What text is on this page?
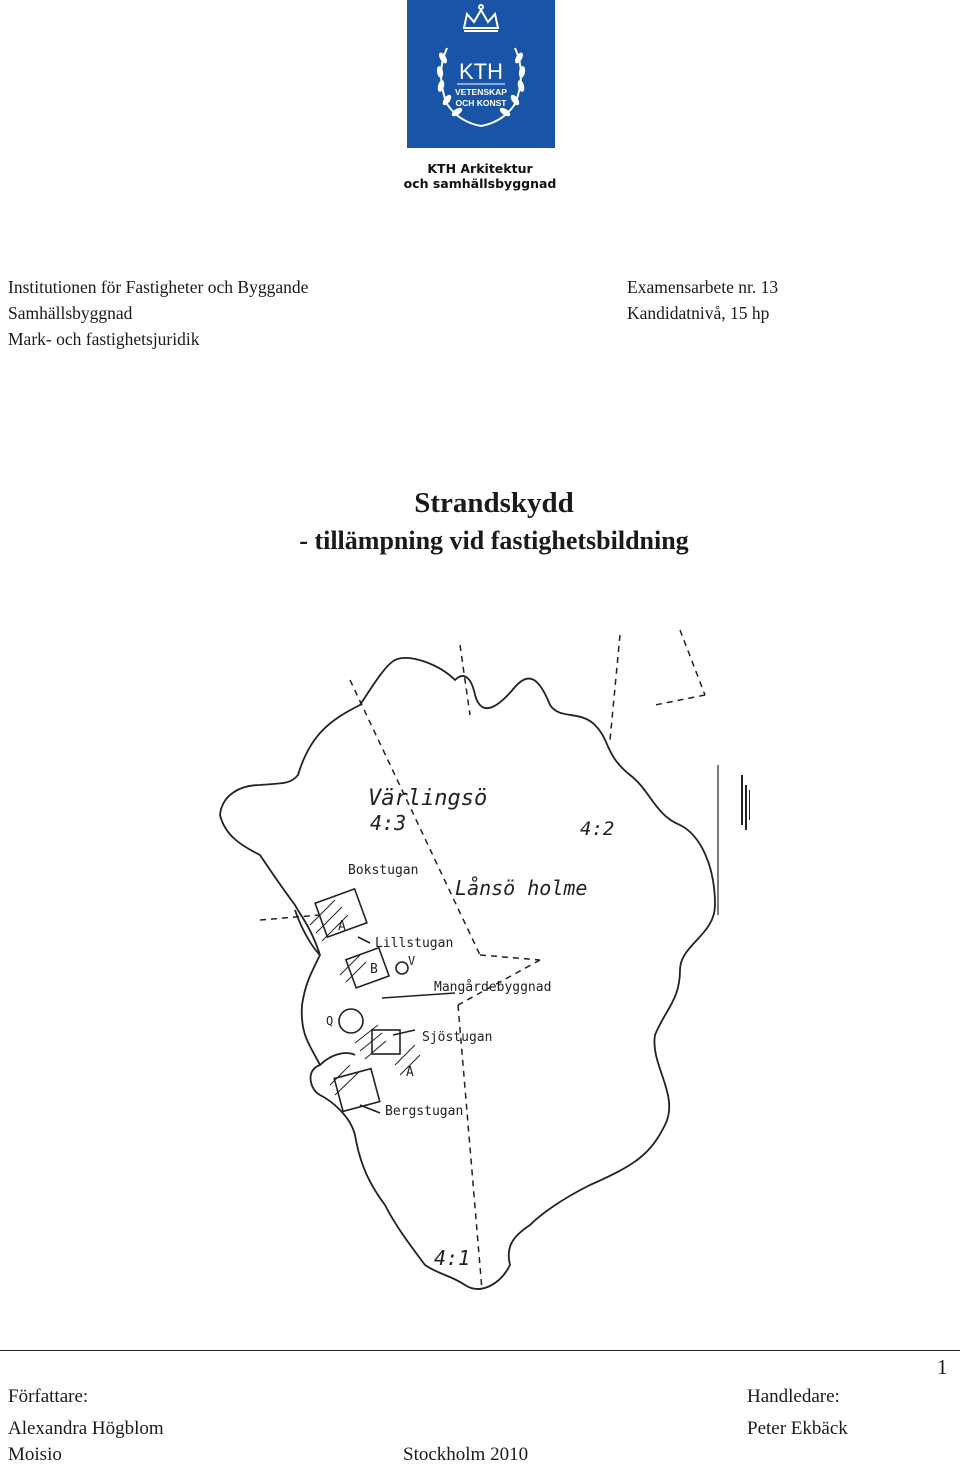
KTH
VETENSKAP
OCH KONST
KTH Arkitektur
och samhällsbyggnad
Institutionen för Fastigheter och Byggande
Samhällsbyggnad
Mark- och fastighetsjuridik
Examensarbete nr. 13
Kandidatnivå, 15 hp
Strandskydd
- tillämpning vid fastighetsbildning
Värlingsö
4:3	4:2
Lånsö holme
Bokstugan
Lillstugan
Mangårdebyggnad
Sjöstugan
Bergstugan
4:1
A
B
A
Q
V
1
Författare:
Alexandra Högblom
Moisio
Handledare:
Peter Ekbäck
Stockholm 2010
